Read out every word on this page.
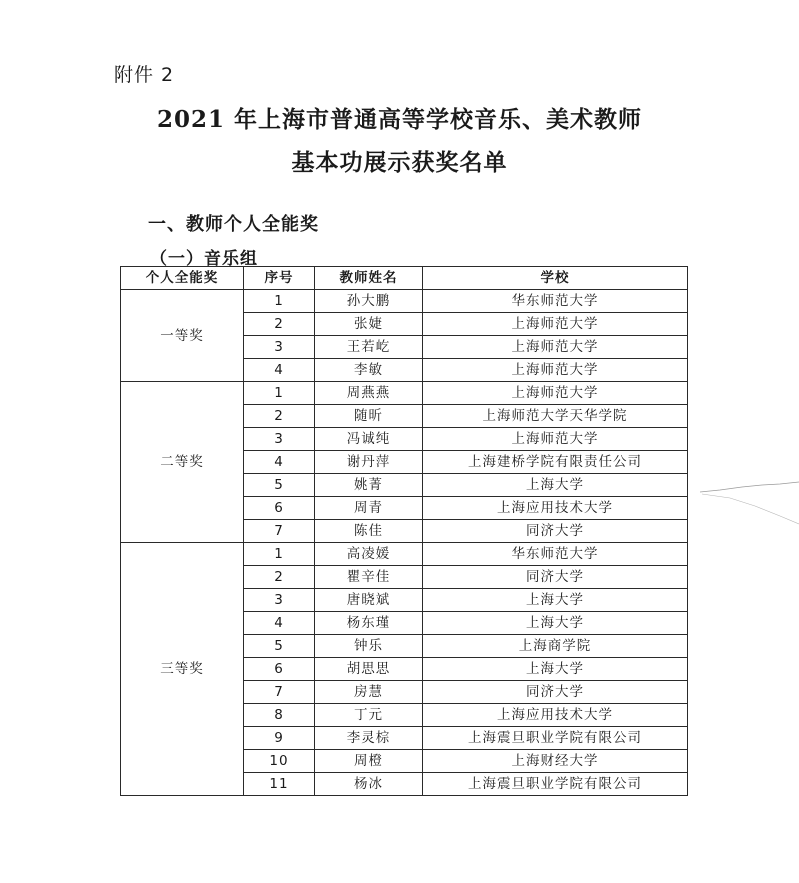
附件 2
2021 年上海市普通高等学校音乐、美术教师
基本功展示获奖名单
一、教师个人全能奖
（一）音乐组
个人全能奖	序号	教师姓名	学校
一等奖	1	孙大鹏	华东师范大学
	2	张婕	上海师范大学
	3	王若屹	上海师范大学
	4	李敏	上海师范大学
二等奖	1	周燕燕	上海师范大学
	2	随昕	上海师范大学天华学院
	3	冯诚纯	上海师范大学
	4	谢丹萍	上海建桥学院有限责任公司
	5	姚菁	上海大学
	6	周青	上海应用技术大学
	7	陈佳	同济大学
三等奖	1	高凌媛	华东师范大学
	2	瞿辛佳	同济大学
	3	唐晓斌	上海大学
	4	杨东瑾	上海大学
	5	钟乐	上海商学院
	6	胡思思	上海大学
	7	房慧	同济大学
	8	丁元	上海应用技术大学
	9	李灵棕	上海震旦职业学院有限公司
	10	周橙	上海财经大学
	11	杨冰	上海震旦职业学院有限公司
